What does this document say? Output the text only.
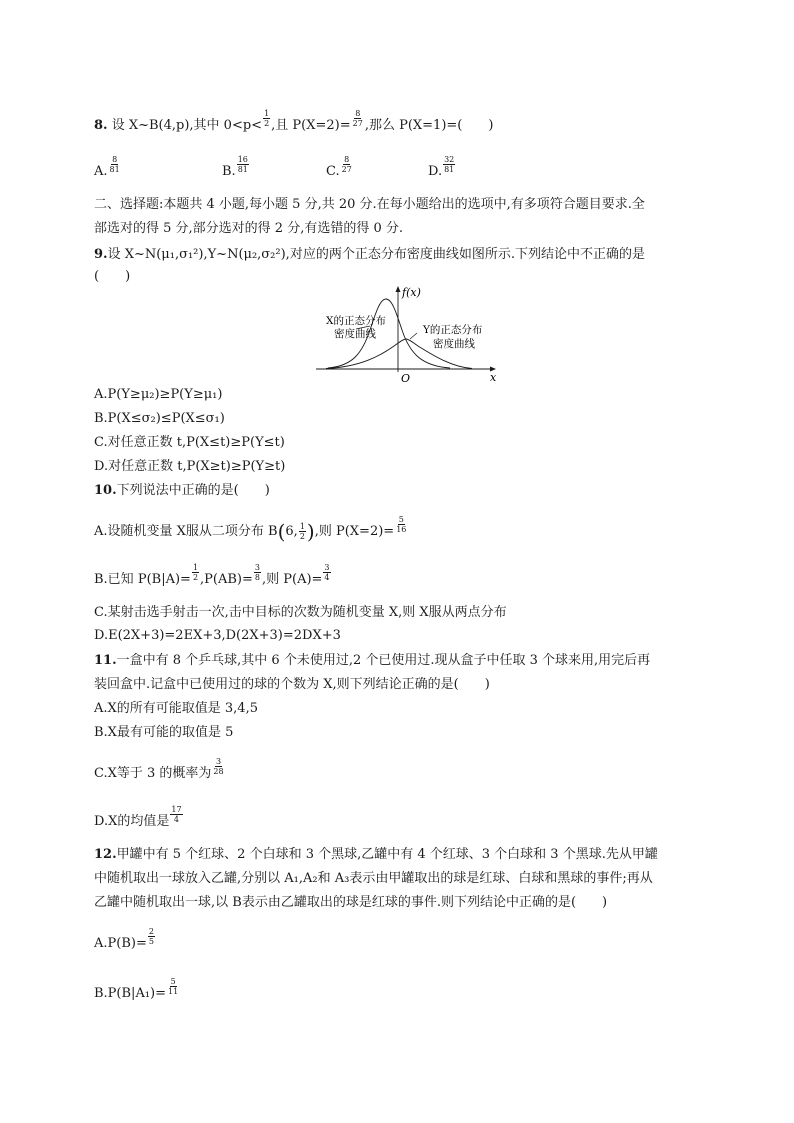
8. 设 X~B(4,p),其中 $0<p< \frac{1}{2}$ ,且 $P(X=2)= \frac{8}{27}$ ,那么 P(X=1)=(　　)
A. $\frac{8}{81}$	B. $\frac{16}{81}$	C. $\frac{8}{27}$	D. $\frac{32}{81}$
二、选择题:本题共 4 小题,每小题 5 分,共 20 分.在每小题给出的选项中,有多项符合题目要求.全
部选对的得 5 分,部分选对的得 2 分,有选错的得 0 分.
9.设 X~N(μ₁,σ₁²),Y~N(μ₂,σ₂²),对应的两个正态分布密度曲线如图所示.下列结论中不正确的是
(　　)
X的正态分布
密度曲线	Y的正态分布
密度曲线
f(x)
x
O
A.P(Y≥μ₂)≥P(Y≥μ₁)
B.P(X≤σ₂)≤P(X≤σ₁)
C.对任意正数 t,P(X≤t)≥P(Y≤t)
D.对任意正数 t,P(X≥t)≥P(Y≥t)
10.下列说法中正确的是(　　)
A.设随机变量 X服从二项分布 B(6, $\frac{1}{2}$ ),则 $P(X=2)= \frac{5}{16}$
B.已知 $P(B|A)= \frac{1}{2} ,P(AB)= \frac{3}{8}$ ,则 $P(A)= \frac{3}{4}$
C.某射击选手射击一次,击中目标的次数为随机变量 X,则 X服从两点分布
D.E(2X+3)=2EX+3,D(2X+3)=2DX+3
11.一盒中有 8 个乒乓球,其中 6 个未使用过,2 个已使用过.现从盒子中任取 3 个球来用,用完后再
装回盒中.记盒中已使用过的球的个数为 X,则下列结论正确的是(　　)
A.X的所有可能取值是 3,4,5
B.X最有可能的取值是 5
C.X等于 3 的概率为 $\frac{3}{28}$
D.X的均值是 $\frac{17}{4}$
12.甲罐中有 5 个红球、2 个白球和 3 个黑球,乙罐中有 4 个红球、3 个白球和 3 个黑球.先从甲罐
中随机取出一球放入乙罐,分别以 A₁,A₂和 A₃表示由甲罐取出的球是红球、白球和黑球的事件;再从
乙罐中随机取出一球,以 B表示由乙罐取出的球是红球的事件.则下列结论中正确的是(　　)
$A.P(B)= \frac{2}{5}$
$B.P(B|A_1)= \frac{5}{11}$
